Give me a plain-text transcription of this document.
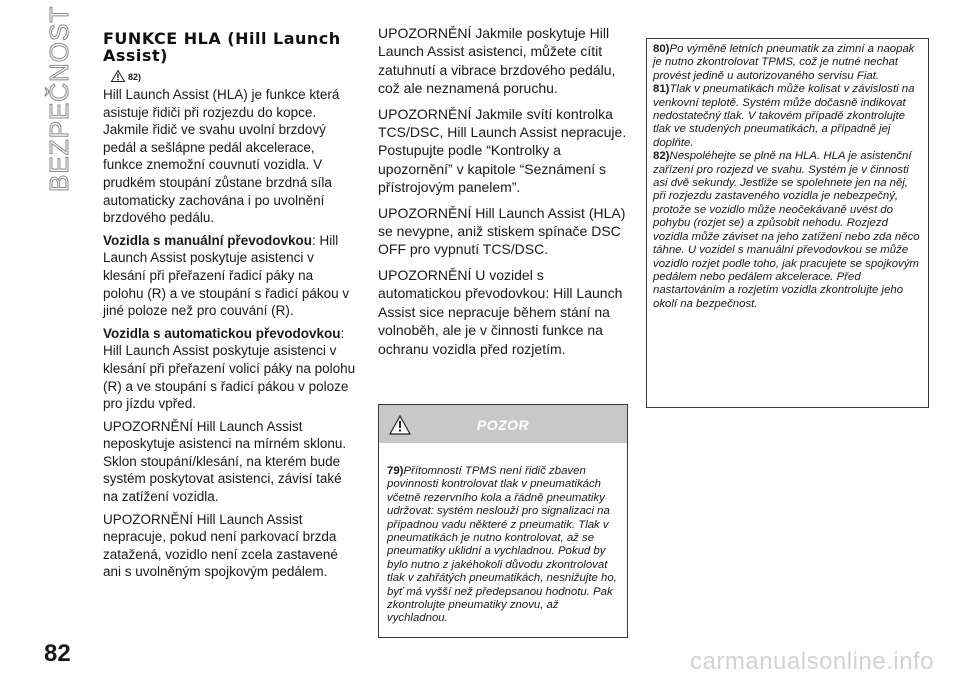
BEZPEČNOST FUNKCE HLA (Hill Launch Assist)
82)

Hill Launch Assist (HLA) je funkce která asistuje řidiči při rozjezdu do kopce. Jakmile řidič ve svahu uvolní brzdový pedál a sešlápne pedál akcelerace, funkce znemožní couvnutí vozidla. V prudkém stoupání zůstane brzdná síla automaticky zachována i po uvolnění brzdového pedálu.

Vozidla s manuální převodovkou: Hill Launch Assist poskytuje asistenci v klesání při přeřazení řadicí páky na polohu (R) a ve stoupání s řadicí pákou v jiné poloze než pro couvání (R).

Vozidla s automatickou převodovkou: Hill Launch Assist poskytuje asistenci v klesání při přeřazení volicí páky na polohu (R) a ve stoupání s řadicí pákou v poloze pro jízdu vpřed.

UPOZORNĚNÍ Hill Launch Assist neposkytuje asistenci na mírném sklonu. Sklon stoupání/klesání, na kterém bude systém poskytovat asistenci, závisí také na zatížení vozidla.

UPOZORNĚNÍ Hill Launch Assist nepracuje, pokud není parkovací brzda zatažená, vozidlo není zcela zastavené ani s uvolněným spojkovým pedálem.

UPOZORNĚNÍ Jakmile poskytuje Hill Launch Assist asistenci, můžete cítit zatuhnutí a vibrace brzdového pedálu, což ale neznamená poruchu.

UPOZORNĚNÍ Jakmile svítí kontrolka TCS/DSC, Hill Launch Assist nepracuje. Postupujte podle “Kontrolky a upozornění” v kapitole “Seznámení s přístrojovým panelem”.

UPOZORNĚNÍ Hill Launch Assist (HLA) se nevypne, aniž stiskem spínače DSC OFF pro vypnutí TCS/DSC.

UPOZORNĚNÍ U vozidel s automatickou převodovkou: Hill Launch Assist sice nepracuje během stání na volnoběh, ale je v činnosti funkce na ochranu vozidla před rozjetím.

POZOR

79)Přítomností TPMS není řidič zbaven povinnosti kontrolovat tlak v pneumatikách včetně rezervního kola a řádně pneumatiky udržovat: systém neslouží pro signalizaci na případnou vadu některé z pneumatik. Tlak v pneumatikách je nutno kontrolovat, až se pneumatiky uklidní a vychladnou. Pokud by bylo nutno z jakéhokoli důvodu zkontrolovat tlak v zahřátých pneumatikách, nesnižujte ho, byť má vyšší než předepsanou hodnotu. Pak zkontrolujte pneumatiky znovu, až vychladnou.

80)Po výměně letních pneumatik za zimní a naopak je nutno zkontrolovat TPMS, což je nutné nechat provést jedině u autorizovaného servisu Fiat.

81)Tlak v pneumatikách může kolisat v závislosti na venkovní teplotě. Systém může dočasně indikovat nedostatečný tlak. V takovém případě zkontrolujte tlak ve studených pneumatikách, a případně jej doplňte.

82)Nespoléhejte se plně na HLA. HLA je asistenční zařízení pro rozjezd ve svahu. Systém je v činnosti asi dvě sekundy. Jestliže se spolehnete jen na něj, při rozjezdu zastaveného vozidla je nebezpečný, protože se vozidlo může neočekávaně uvést do pohybu (rozjet se) a způsobit nehodu. Rozjezd vozidla může záviset na jeho zatížení nebo zda něco táhne. U vozidel s manuální převodovkou se může vozidlo rozjet podle toho, jak pracujete se spojkovým pedálem nebo pedálem akcelerace. Před nastartováním a rozjetím vozidla zkontrolujte jeho okolí na bezpečnost.

82	carmanualsonline.info
